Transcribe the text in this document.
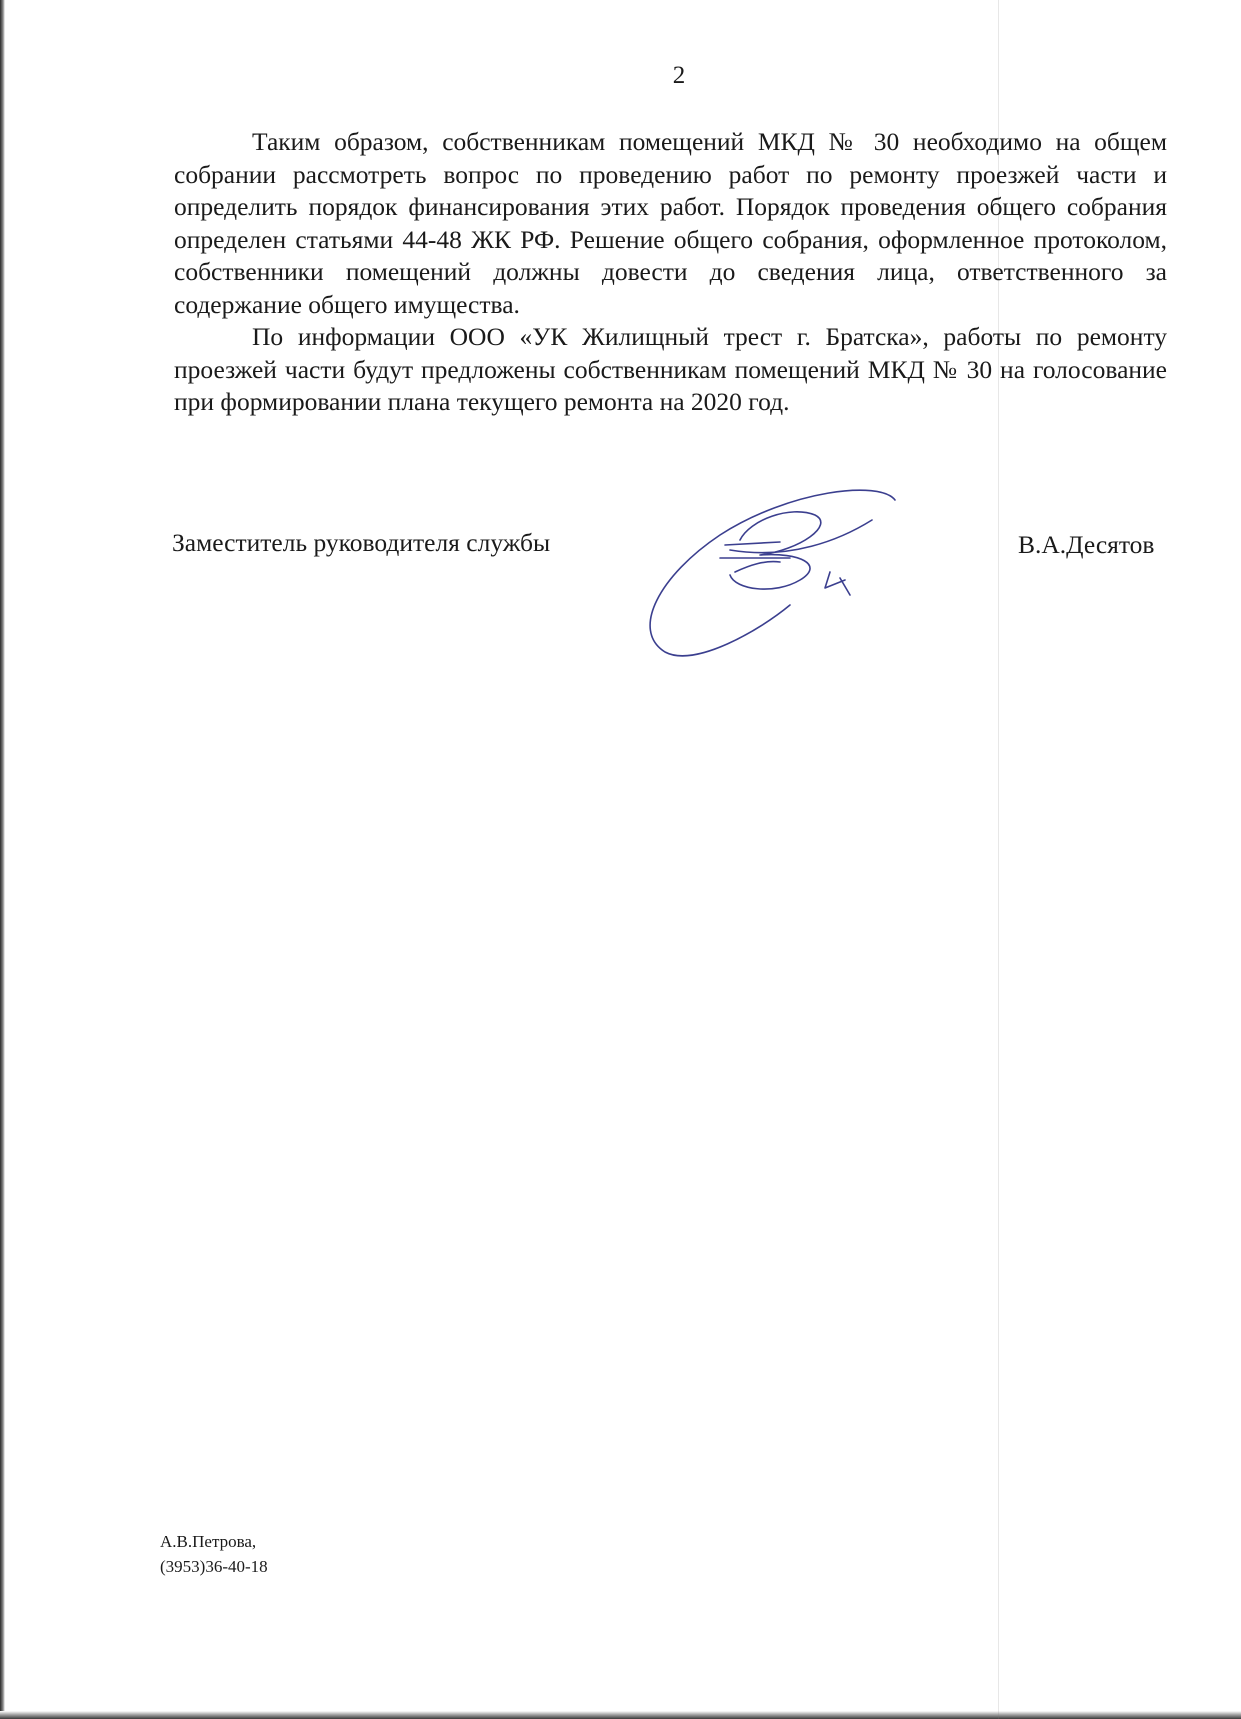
2

Таким образом, собственникам помещений МКД № 30 необходимо на общем собрании рассмотреть вопрос по проведению работ по ремонту проезжей части и определить порядок финансирования этих работ. Порядок проведения общего собрания определен статьями 44-48 ЖК РФ. Решение общего собрания, оформленное протоколом, собственники помещений должны довести до сведения лица, ответственного за содержание общего имущества.

По информации ООО «УК Жилищный трест г. Братска», работы по ремонту проезжей части будут предложены собственникам помещений МКД № 30 на голосование при формировании плана текущего ремонта на 2020 год.

Заместитель руководителя службы	В.А.Десятов
А.В.Петрова,
(3953)36-40-18
